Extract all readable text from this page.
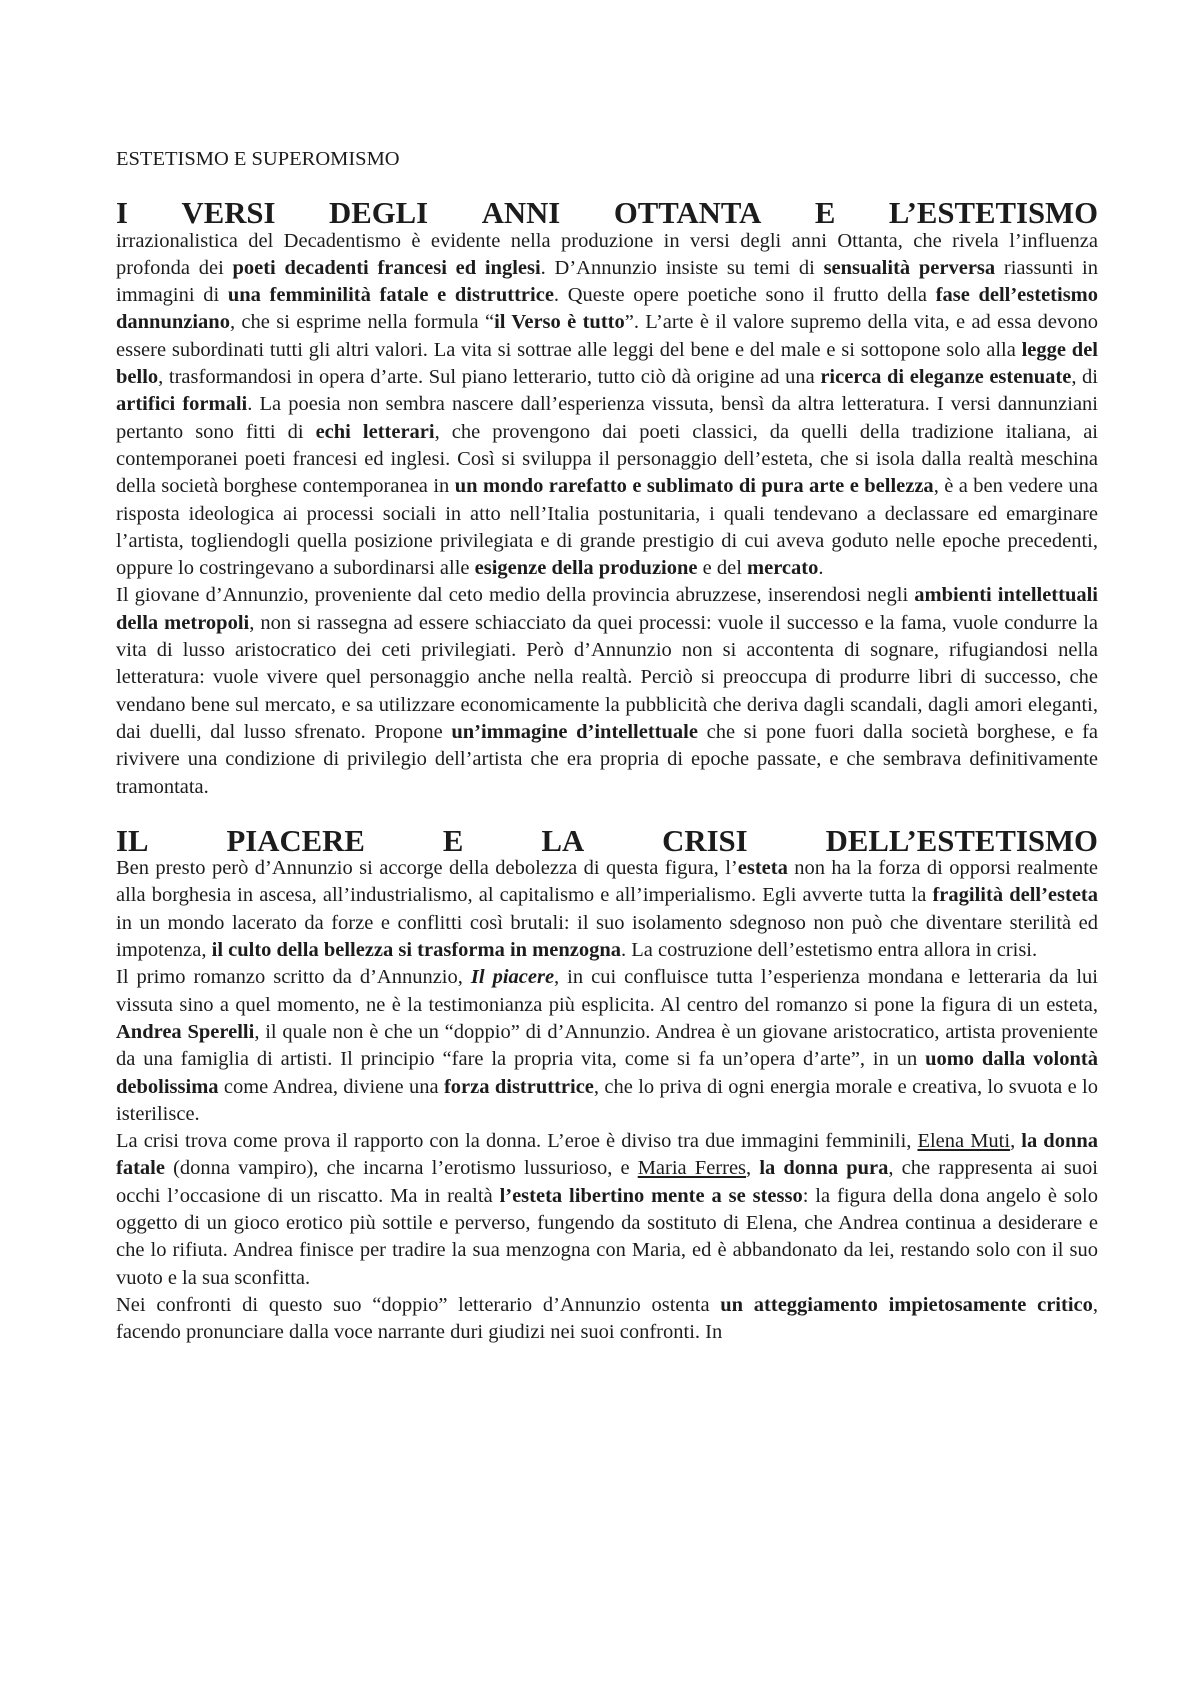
ESTETISMO E SUPEROMISMO
I VERSI DEGLI ANNI OTTANTA E L’ESTETISMO

irrazionalistica del Decadentismo è evidente nella produzione in versi degli anni Ottanta, che rivela l’influenza profonda dei poeti decadenti francesi ed inglesi. D’Annunzio insiste su temi di sensualità perversa riassunti in immagini di una femminilità fatale e distruttrice. Queste opere poetiche sono il frutto della fase dell’estetismo dannunziano, che si esprime nella formula “il Verso è tutto”. L’arte è il valore supremo della vita, e ad essa devono essere subordinati tutti gli altri valori. La vita si sottrae alle leggi del bene e del male e si sottopone solo alla legge del bello, trasformandosi in opera d’arte. Sul piano letterario, tutto ciò dà origine ad una ricerca di eleganze estenuate, di artifici formali. La poesia non sembra nascere dall’esperienza vissuta, bensì da altra letteratura. I versi dannunziani pertanto sono fitti di echi letterari, che provengono dai poeti classici, da quelli della tradizione italiana, ai contemporanei poeti francesi ed inglesi. Così si sviluppa il personaggio dell’esteta, che si isola dalla realtà meschina della società borghese contemporanea in un mondo rarefatto e sublimato di pura arte e bellezza, è a ben vedere una risposta ideologica ai processi sociali in atto nell’Italia postunitaria, i quali tendevano a declassare ed emarginare l’artista, togliendogli quella posizione privilegiata e di grande prestigio di cui aveva goduto nelle epoche precedenti, oppure lo costringevano a subordinarsi alle esigenze della produzione e del mercato.

Il giovane d’Annunzio, proveniente dal ceto medio della provincia abruzzese, inserendosi negli ambienti intellettuali della metropoli, non si rassegna ad essere schiacciato da quei processi: vuole il successo e la fama, vuole condurre la vita di lusso aristocratico dei ceti privilegiati. Però d’Annunzio non si accontenta di sognare, rifugiandosi nella letteratura: vuole vivere quel personaggio anche nella realtà. Perciò si preoccupa di produrre libri di successo, che vendano bene sul mercato, e sa utilizzare economicamente la pubblicità che deriva dagli scandali, dagli amori eleganti, dai duelli, dal lusso sfrenato. Propone un’immagine d’intellettuale che si pone fuori dalla società borghese, e fa rivivere una condizione di privilegio dell’artista che era propria di epoche passate, e che sembrava definitivamente tramontata.

IL	PIACERE	E	LA	CRISI	DELL’ESTETISMO

Ben presto però d’Annunzio si accorge della debolezza di questa figura, l’esteta non ha la forza di opporsi realmente alla borghesia in ascesa, all’industrialismo, al capitalismo e all’imperialismo. Egli avverte tutta la fragilità dell’esteta in un mondo lacerato da forze e conflitti così brutali: il suo isolamento sdegnoso non può che diventare sterilità ed impotenza, il culto della bellezza si trasforma in menzogna. La costruzione dell’estetismo entra allora in crisi.

Il primo romanzo scritto da d’Annunzio, Il piacere, in cui confluisce tutta l’esperienza mondana e letteraria da lui vissuta sino a quel momento, ne è la testimonianza più esplicita. Al centro del romanzo si pone la figura di un esteta, Andrea Sperelli, il quale non è che un “doppio” di d’Annunzio. Andrea è un giovane aristocratico, artista proveniente da una famiglia di artisti. Il principio “fare la propria vita, come si fa un’opera d’arte”, in un uomo dalla volontà debolissima come Andrea, diviene una forza distruttrice, che lo priva di ogni energia morale e creativa, lo svuota e lo isterilisce.

La crisi trova come prova il rapporto con la donna. L’eroe è diviso tra due immagini femminili, Elena Muti, la donna fatale (donna vampiro), che incarna l’erotismo lussurioso, e Maria Ferres, la donna pura, che rappresenta ai suoi occhi l’occasione di un riscatto. Ma in realtà l’esteta libertino mente a se stesso: la figura della dona angelo è solo oggetto di un gioco erotico più sottile e perverso, fungendo da sostituto di Elena, che Andrea continua a desiderare e che lo rifiuta. Andrea finisce per tradire la sua menzogna con Maria, ed è abbandonato da lei, restando solo con il suo vuoto e la sua sconfitta.

Nei confronti di questo suo “doppio” letterario d’Annunzio ostenta un atteggiamento impietosamente critico, facendo pronunciare dalla voce narrante duri giudizi nei suoi confronti. In
